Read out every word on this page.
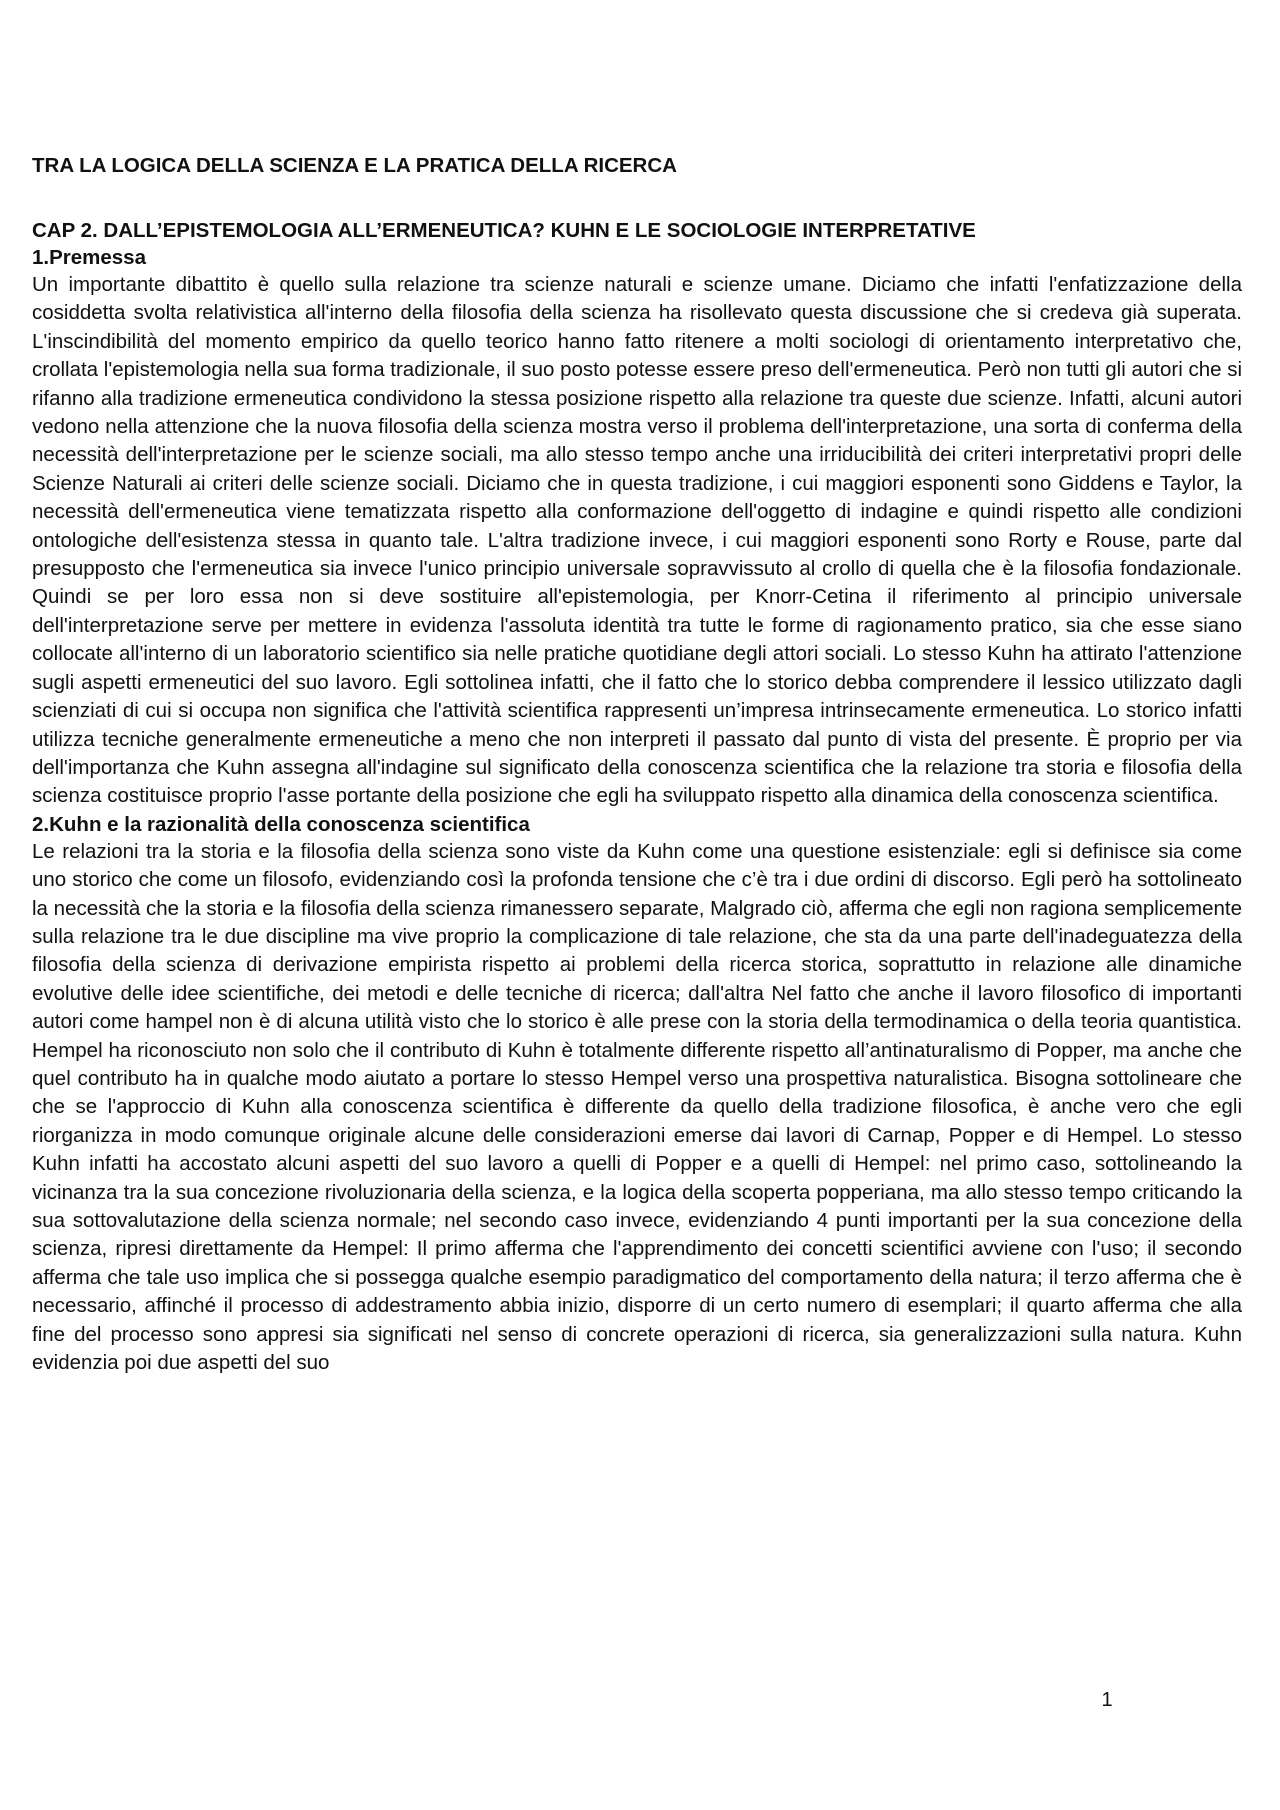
TRA LA LOGICA DELLA SCIENZA E LA PRATICA DELLA RICERCA
CAP 2. DALL’EPISTEMOLOGIA ALL’ERMENEUTICA? KUHN E LE SOCIOLOGIE INTERPRETATIVE
1.Premessa

Un importante dibattito è quello sulla relazione tra scienze naturali e scienze umane. Diciamo che infatti l'enfatizzazione della cosiddetta svolta relativistica all'interno della filosofia della scienza ha risollevato questa discussione che si credeva già superata. L'inscindibilità del momento empirico da quello teorico hanno fatto ritenere a molti sociologi di orientamento interpretativo che, crollata l'epistemologia nella sua forma tradizionale, il suo posto potesse essere preso dell'ermeneutica. Però non tutti gli autori che si rifanno alla tradizione ermeneutica condividono la stessa posizione rispetto alla relazione tra queste due scienze. Infatti, alcuni autori vedono nella attenzione che la nuova filosofia della scienza mostra verso il problema dell'interpretazione, una sorta di conferma della necessità dell'interpretazione per le scienze sociali, ma allo stesso tempo anche una irriducibilità dei criteri interpretativi propri delle Scienze Naturali ai criteri delle scienze sociali. Diciamo che in questa tradizione, i cui maggiori esponenti sono Giddens e Taylor, la necessità dell'ermeneutica viene tematizzata rispetto alla conformazione dell'oggetto di indagine e quindi rispetto alle condizioni ontologiche dell'esistenza stessa in quanto tale. L'altra tradizione invece, i cui maggiori esponenti sono Rorty e Rouse, parte dal presupposto che l'ermeneutica sia invece l'unico principio universale sopravvissuto al crollo di quella che è la filosofia fondazionale. Quindi se per loro essa non si deve sostituire all'epistemologia, per Knorr-Cetina il riferimento al principio universale dell'interpretazione serve per mettere in evidenza l'assoluta identità tra tutte le forme di ragionamento pratico, sia che esse siano collocate all'interno di un laboratorio scientifico sia nelle pratiche quotidiane degli attori sociali. Lo stesso Kuhn ha attirato l'attenzione sugli aspetti ermeneutici del suo lavoro. Egli sottolinea infatti, che il fatto che lo storico debba comprendere il lessico utilizzato dagli scienziati di cui si occupa non significa che l'attività scientifica rappresenti un’impresa intrinsecamente ermeneutica. Lo storico infatti utilizza tecniche generalmente ermeneutiche a meno che non interpreti il passato dal punto di vista del presente. È proprio per via dell'importanza che Kuhn assegna all'indagine sul significato della conoscenza scientifica che la relazione tra storia e filosofia della scienza costituisce proprio l'asse portante della posizione che egli ha sviluppato rispetto alla dinamica della conoscenza scientifica.

2.Kuhn e la razionalità della conoscenza scientifica

Le relazioni tra la storia e la filosofia della scienza sono viste da Kuhn come una questione esistenziale: egli si definisce sia come uno storico che come un filosofo, evidenziando così la profonda tensione che c’è tra i due ordini di discorso. Egli però ha sottolineato la necessità che la storia e la filosofia della scienza rimanessero separate, Malgrado ciò, afferma che egli non ragiona semplicemente sulla relazione tra le due discipline ma vive proprio la complicazione di tale relazione, che sta da una parte dell'inadeguatezza della filosofia della scienza di derivazione empirista rispetto ai problemi della ricerca storica, soprattutto in relazione alle dinamiche evolutive delle idee scientifiche, dei metodi e delle tecniche di ricerca; dall'altra Nel fatto che anche il lavoro filosofico di importanti autori come hampel non è di alcuna utilità visto che lo storico è alle prese con la storia della termodinamica o della teoria quantistica. Hempel ha riconosciuto non solo che il contributo di Kuhn è totalmente differente rispetto all’antinaturalismo di Popper, ma anche che quel contributo ha in qualche modo aiutato a portare lo stesso Hempel verso una prospettiva naturalistica. Bisogna sottolineare che che se l'approccio di Kuhn alla conoscenza scientifica è differente da quello della tradizione filosofica, è anche vero che egli riorganizza in modo comunque originale alcune delle considerazioni emerse dai lavori di Carnap, Popper e di Hempel. Lo stesso Kuhn infatti ha accostato alcuni aspetti del suo lavoro a quelli di Popper e a quelli di Hempel: nel primo caso, sottolineando la vicinanza tra la sua concezione rivoluzionaria della scienza, e la logica della scoperta popperiana, ma allo stesso tempo criticando la sua sottovalutazione della scienza normale; nel secondo caso invece, evidenziando 4 punti importanti per la sua concezione della scienza, ripresi direttamente da Hempel: Il primo afferma che l'apprendimento dei concetti scientifici avviene con l'uso; il secondo afferma che tale uso implica che si possegga qualche esempio paradigmatico del comportamento della natura; il terzo afferma che è necessario, affinché il processo di addestramento abbia inizio, disporre di un certo numero di esemplari; il quarto afferma che alla fine del processo sono appresi sia significati nel senso di concrete operazioni di ricerca, sia generalizzazioni sulla natura. Kuhn evidenzia poi due aspetti del suo

1
